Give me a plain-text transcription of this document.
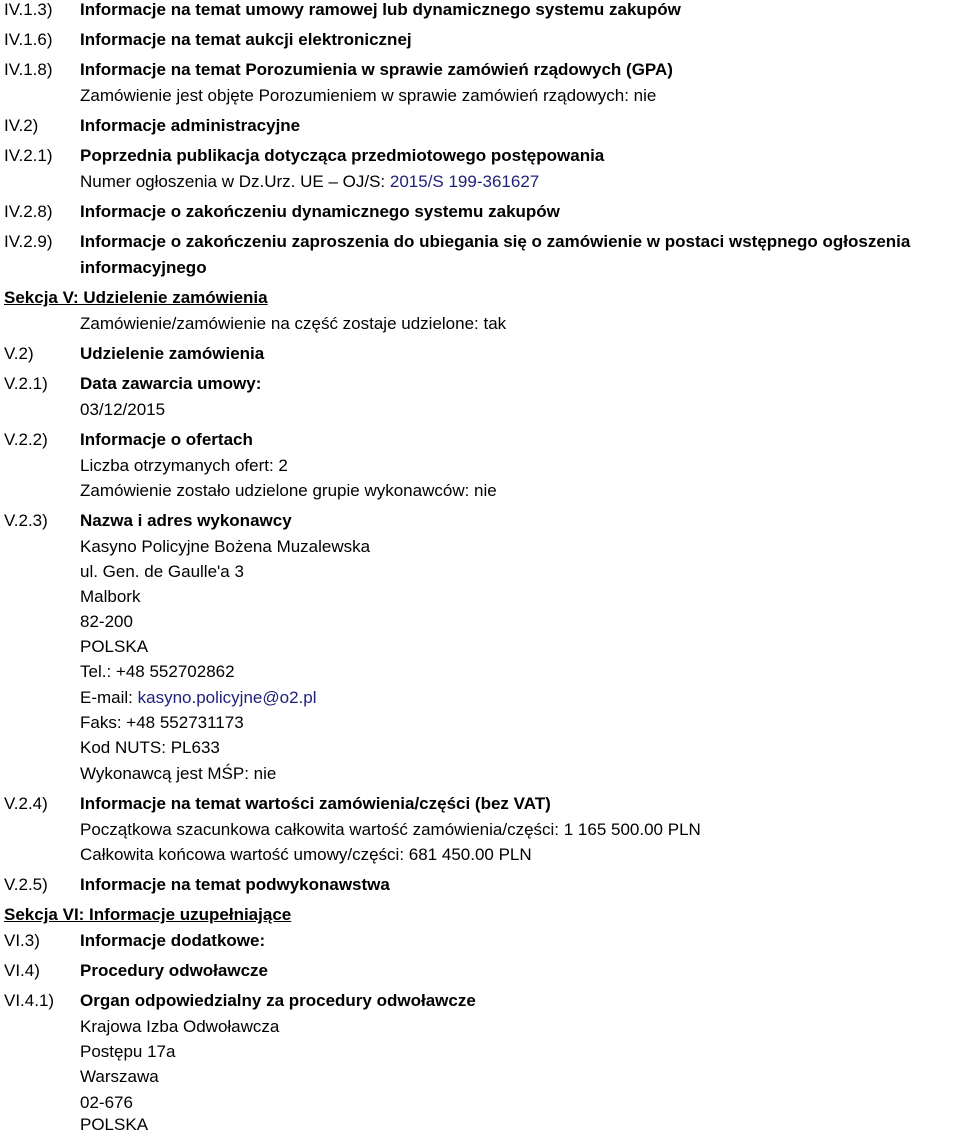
IV.1.3) Informacje na temat umowy ramowej lub dynamicznego systemu zakupów
IV.1.6) Informacje na temat aukcji elektronicznej
IV.1.8) Informacje na temat Porozumienia w sprawie zamówień rządowych (GPA)
Zamówienie jest objęte Porozumieniem w sprawie zamówień rządowych: nie
IV.2) Informacje administracyjne
IV.2.1) Poprzednia publikacja dotycząca przedmiotowego postępowania
Numer ogłoszenia w Dz.Urz. UE – OJ/S: 2015/S 199-361627
IV.2.8) Informacje o zakończeniu dynamicznego systemu zakupów
IV.2.9) Informacje o zakończeniu zaproszenia do ubiegania się o zamówienie w postaci wstępnego ogłoszenia
informacyjnego
Sekcja V: Udzielenie zamówienia
Zamówienie/zamówienie na część zostaje udzielone: tak
V.2)	Udzielenie zamówienia
V.2.1) Data zawarcia umowy:
03/12/2015
V.2.2) Informacje o ofertach
Liczba otrzymanych ofert: 2
Zamówienie zostało udzielone grupie wykonawców: nie
V.2.3) Nazwa i adres wykonawcy
Kasyno Policyjne Bożena Muzalewska
ul. Gen. de Gaulle'a 3
Malbork
82-200
POLSKA
Tel.: +48 552702862
E-mail: kasyno.policyjne@o2.pl
Faks: +48 552731173
Kod NUTS: PL633
Wykonawcą jest MŚP: nie
V.2.4) Informacje na temat wartości zamówienia/części (bez VAT)
Początkowa szacunkowa całkowita wartość zamówienia/części: 1 165 500.00 PLN
Całkowita końcowa wartość umowy/części: 681 450.00 PLN
V.2.5) Informacje na temat podwykonawstwa
Sekcja VI: Informacje uzupełniające
VI.3) Informacje dodatkowe:
VI.4) Procedury odwoławcze
VI.4.1) Organ odpowiedzialny za procedury odwoławcze
Krajowa Izba Odwoławcza
Postępu 17a
Warszawa
02-676
POLSKA
